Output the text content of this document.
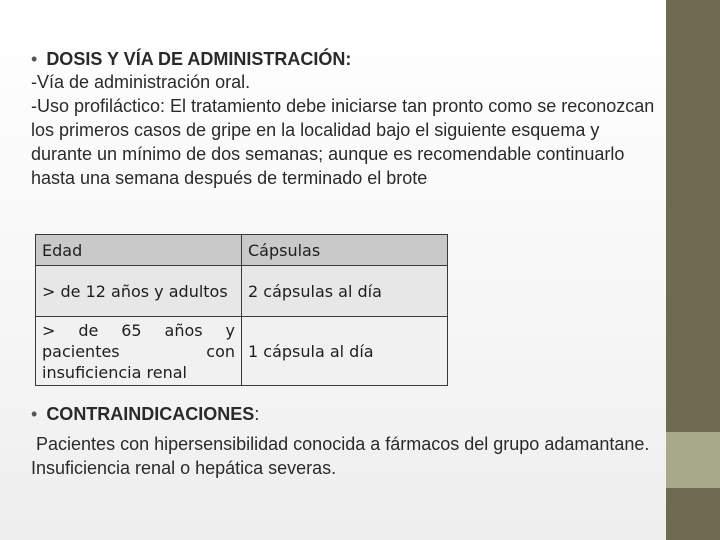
• DOSIS Y VÍA DE ADMINISTRACIÓN:

-Vía de administración oral.

-Uso profiláctico: El tratamiento debe iniciarse tan pronto como se reconozcan los primeros casos de gripe en la localidad bajo el siguiente esquema y durante un mínimo de dos semanas; aunque es recomendable continuarlo hasta una semana después de terminado el brote

Edad	Cápsulas
> de 12 años y adultos	2 cápsulas al día
> de 65 años y pacientes con insuficiencia renal	1 cápsula al día

• CONTRAINDICACIONES:

Pacientes con hipersensibilidad conocida a fármacos del grupo adamantane. Insuficiencia renal o hepática severas.
